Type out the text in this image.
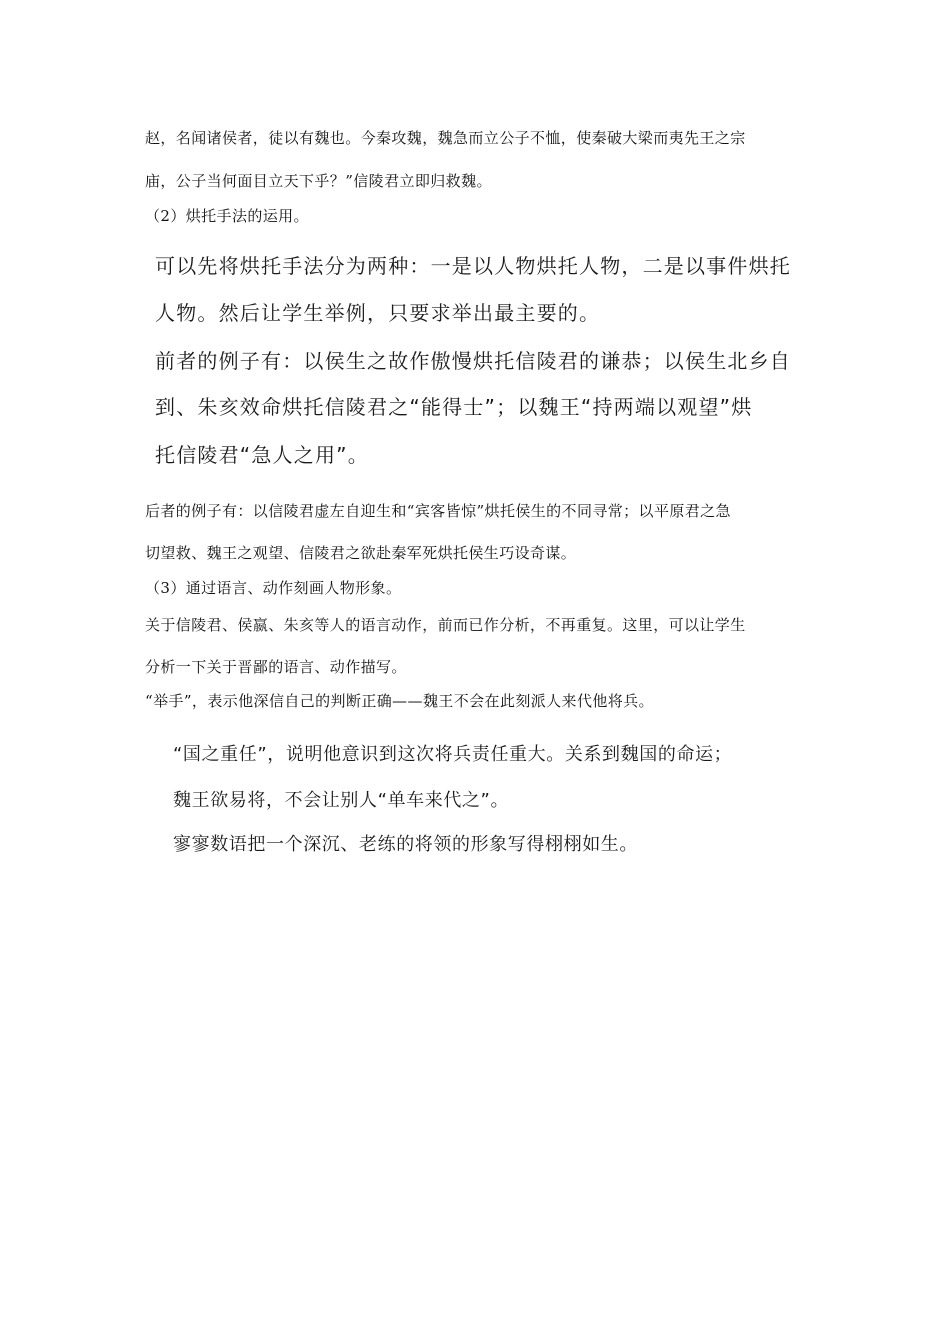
赵，名闻诸侯者，徒以有魏也。今秦攻魏，魏急而立公子不恤，使秦破大梁而夷先王之宗

庙，公子当何面目立天下乎？”信陵君立即归救魏。

（2）烘托手法的运用。

可以先将烘托手法分为两种：一是以人物烘托人物，二是以事件烘托

人物。然后让学生举例，只要求举出最主要的。

前者的例子有：以侯生之故作傲慢烘托信陵君的谦恭；以侯生北乡自

到、朱亥效命烘托信陵君之“能得士”；以魏王“持两端以观望”烘

托信陵君“急人之用”。

后者的例子有：以信陵君虚左自迎生和“宾客皆惊”烘托侯生的不同寻常；以平原君之急

切望救、魏王之观望、信陵君之欲赴秦军死烘托侯生巧设奇谋。

（3）通过语言、动作刻画人物形象。

关于信陵君、侯嬴、朱亥等人的语言动作，前而已作分析，不再重复。这里，可以让学生

分析一下关于晋鄙的语言、动作描写。

“举手”，表示他深信自己的判断正确——魏王不会在此刻派人来代他将兵。

“国之重任”，说明他意识到这次将兵责任重大。关系到魏国的命运；

魏王欲易将，不会让别人“单车来代之”。

寥寥数语把一个深沉、老练的将领的形象写得栩栩如生。
